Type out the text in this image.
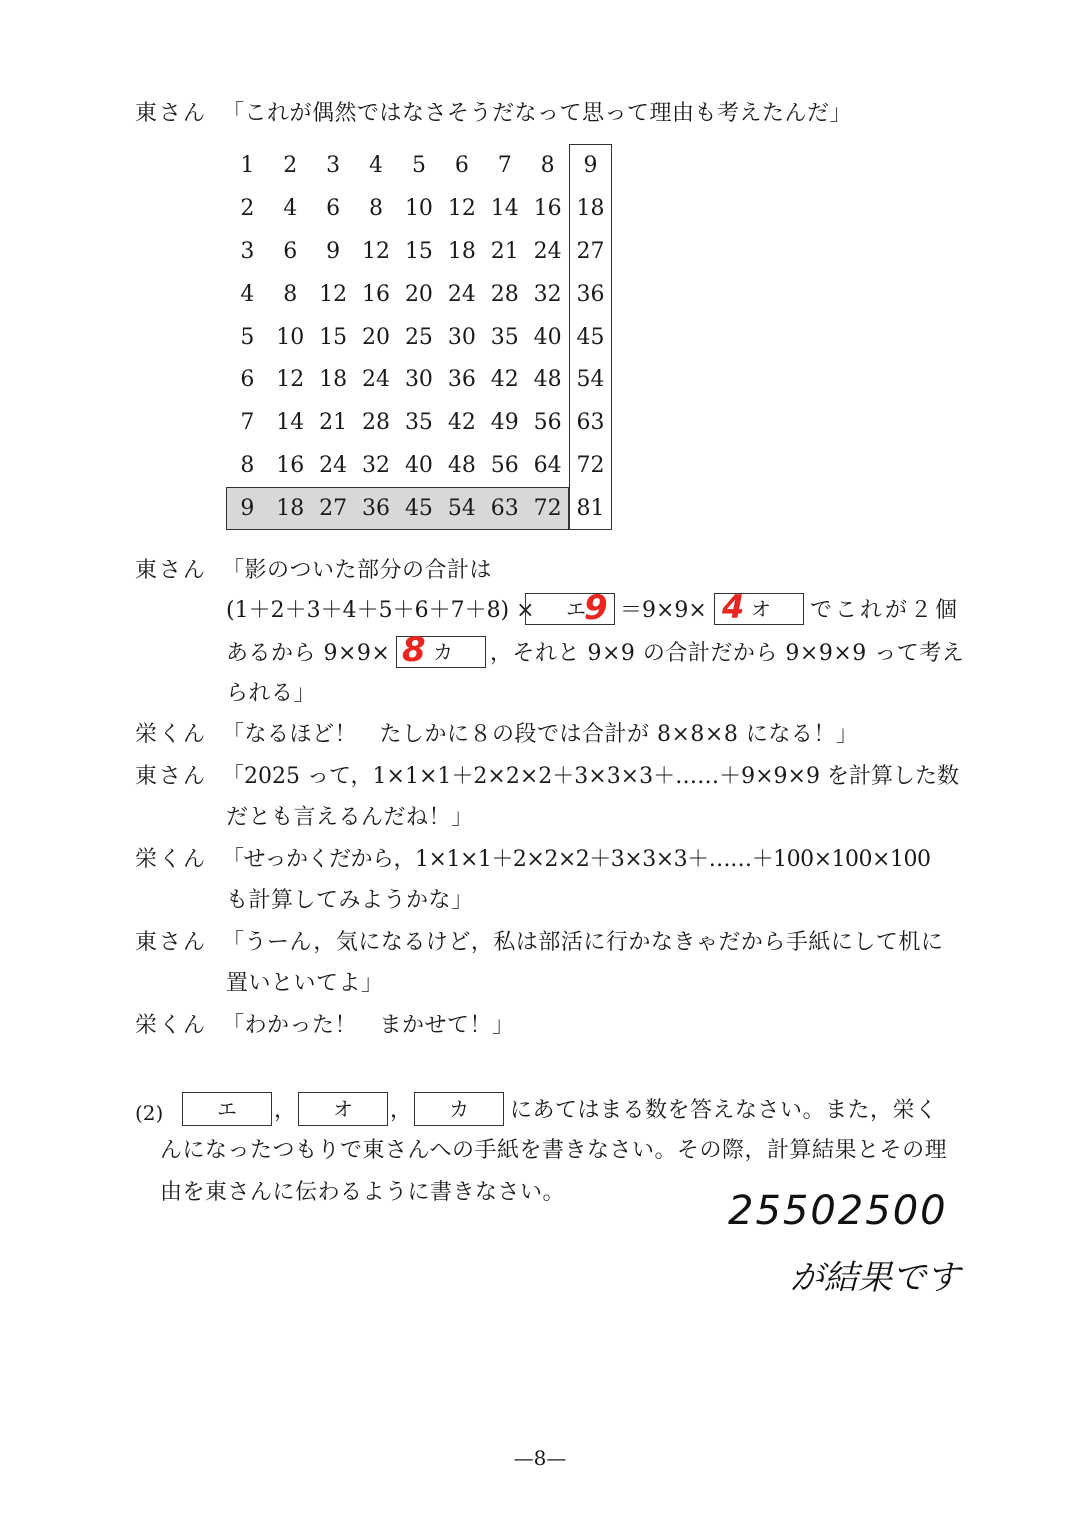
東さん 「これが偶然ではなさそうだなって思って理由も考えたんだ」
1	2	3	4	5	6	7	8	9
2	4	6	8 10 12 14 16 18
3	6	9 12 15 18 21 24 27
4	8 12 16 20 24 28 32 36
5 10 15 20 25 30 35 40 45
6 12 18 24 30 36 42 48 54
7 14 21 28 35 42 49 56 63
8 16 24 32 40 48 56 64 72
9 18 27 36 45 54 63 72 81
東さん 「影のついた部分の合計は
(1＋2＋3＋4＋5＋6＋7＋8) × エ
9 ＝9×9× オ
4	でこれが２個
あるから 9×9× カ
8	，それと 9×9 の合計だから 9×9×9 って考え
られる」
栄くん 「なるほど！　たしかに８の段では合計が 8×8×8 になる！」
東さん 「2025 って，1×1×1＋2×2×2＋3×3×3＋……＋9×9×9 を計算した数
だとも言えるんだね！」
栄くん 「せっかくだから，1×1×1＋2×2×2＋3×3×3＋……＋100×100×100
も計算してみようかな」
東さん 「うーん，気になるけど，私は部活に行かなきゃだから手紙にして机に
置いといてよ」
栄くん 「わかった！　まかせて！」
(2)	エ	，	オ	，	カ	にあてはまる数を答えなさい。また，栄く
んになったつもりで東さんへの手紙を書きなさい。その際，計算結果とその理
由を東さんに伝わるように書きなさい。	25502500
が結果です
—8—
